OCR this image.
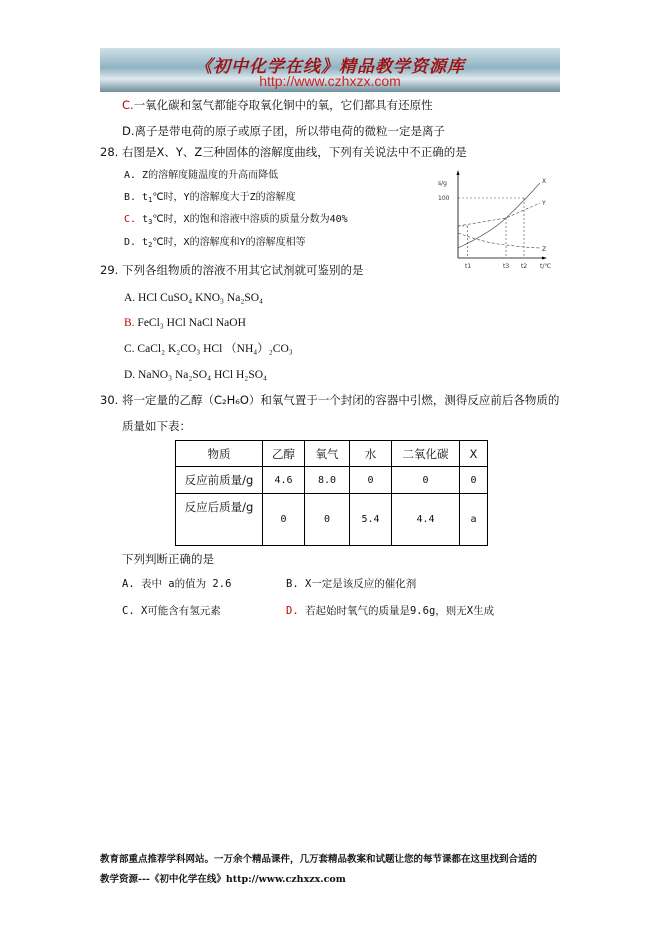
《初中化学在线》精品教学资源库
http://www.czhxzx.com
C.一氧化碳和氢气都能夺取氧化铜中的氧，它们都具有还原性
D.离子是带电荷的原子或原子团，所以带电荷的微粒一定是离子
28. 右图是X、Y、Z三种固体的溶解度曲线，下列有关说法中不正确的是
A. Z的溶解度随温度的升高而降低
B. $t_1℃$时，Y的溶解度大于Z的溶解度
C. $t_3℃$时，X的饱和溶液中溶质的质量分数为40%
D. $t_2℃$时，X的溶解度和Y的溶解度相等
s/g
100
X
Y
Z
t1	t3 t2 t/℃
29. 下列各组物质的溶液不用其它试剂就可鉴别的是
A. HCl CuSO₄ KNO₃ Na₂SO₄
B. FeCl₃ HCl NaCl NaOH
C. CaCl₂ K₂CO₃ HCl （NH₄）₂CO₃
D. NaNO₃ Na₂SO₄ HCl H₂SO₄
30. 将一定量的乙醇（C₂H₆O）和氧气置于一个封闭的容器中引燃，测得反应前后各物质的
质量如下表：
物质	乙醇	氧气	水	二氧化碳	X
反应前质量/g	4.6	8.0	0	0	0
反应后质量/g	0	0	5.4	4.4	a
下列判断正确的是
A. 表中 a的值为 2.6	B. X一定是该反应的催化剂
C. X可能含有氢元素	D. 若起始时氧气的质量是9.6g，则无X生成
教育部重点推荐学科网站。一万余个精品课件，几万套精品教案和试题让您的每节课都在这里找到合适的
教学资源---《初中化学在线》http://www.czhxzx.com
